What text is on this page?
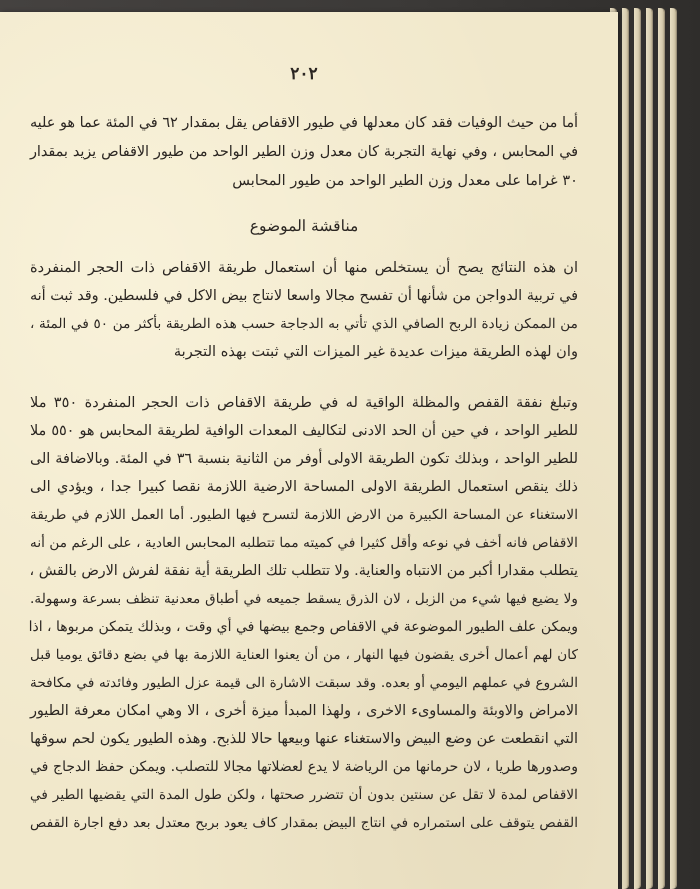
٢٠٢
أما من حيث الوفيات فقد كان معدلها في طيور الاقفاص يقل بمقدار ٦٢ في المئة عما هو عليه
في المحابس ، وفي نهاية التجربة كان معدل وزن الطير الواحد من طيور الاقفاص يزيد بمقدار
٣٠ غراما على معدل وزن الطير الواحد من طيور المحابس
مناقشة الموضوع
ان هذه النتائج يصح أن يستخلص منها أن استعمال طريقة الاقفاص ذات الحجر المنفردة
في تربية الدواجن من شأنها أن تفسح مجالا واسعا لانتاج بيض الاكل في فلسطين. وقد ثبت أنه
من الممكن زيادة الربح الصافي الذي تأتي به الدجاجة حسب هذه الطريقة بأكثر من ٥٠ في المئة ،
وان لهذه الطريقة ميزات عديدة غير الميزات التي ثبتت بهذه التجربة
وتبلغ نفقة القفص والمظلة الواقية له في طريقة الاقفاص ذات الحجر المنفردة ٣٥٠ ملا
للطير الواحد ، في حين أن الحد الادنى لتكاليف المعدات الوافية لطريقة المحابس هو ٥٥٠ ملا
للطير الواحد ، وبذلك تكون الطريقة الاولى أوفر من الثانية بنسبة ٣٦ في المئة. وبالاضافة الى
ذلك ينقص استعمال الطريقة الاولى المساحة الارضية اللازمة نقصا كبيرا جدا ، ويؤدي الى
الاستغناء عن المساحة الكبيرة من الارض اللازمة لتسرح فيها الطيور. أما العمل اللازم في طريقة
الاقفاص فانه أخف في نوعه وأقل كثيرا في كميته مما تتطلبه المحابس العادية ، على الرغم من أنه
يتطلب مقدارا أكبر من الانتباه والعناية. ولا تتطلب تلك الطريقة أية نفقة لفرش الارض بالقش ،
ولا يضيع فيها شيء من الزبل ، لان الذرق يسقط جميعه في أطباق معدنية تنظف بسرعة وسهولة.
ويمكن علف الطيور الموضوعة في الاقفاص وجمع بيضها في أي وقت ، وبذلك يتمكن مربوها ، اذا
كان لهم أعمال أخرى يقضون فيها النهار ، من أن يعنوا العناية اللازمة بها في بضع دقائق يوميا قبل
الشروع في عملهم اليومي أو بعده. وقد سبقت الاشارة الى قيمة عزل الطيور وفائدته في مكافحة
الامراض والاوبئة والمساوىء الاخرى ، ولهذا المبدأ ميزة أخرى ، الا وهي امكان معرفة الطيور
التي انقطعت عن وضع البيض والاستغناء عنها وبيعها حالا للذبح. وهذه الطيور يكون لحم سوقها
وصدورها طريا ، لان حرمانها من الرياضة لا يدع لعضلاتها مجالا للتصلب. ويمكن حفظ الدجاج في
الاقفاص لمدة لا تقل عن سنتين بدون أن تتضرر صحتها ، ولكن طول المدة التي يقضيها الطير في
القفص يتوقف على استمراره في انتاج البيض بمقدار كاف يعود بربح معتدل بعد دفع اجارة القفص
